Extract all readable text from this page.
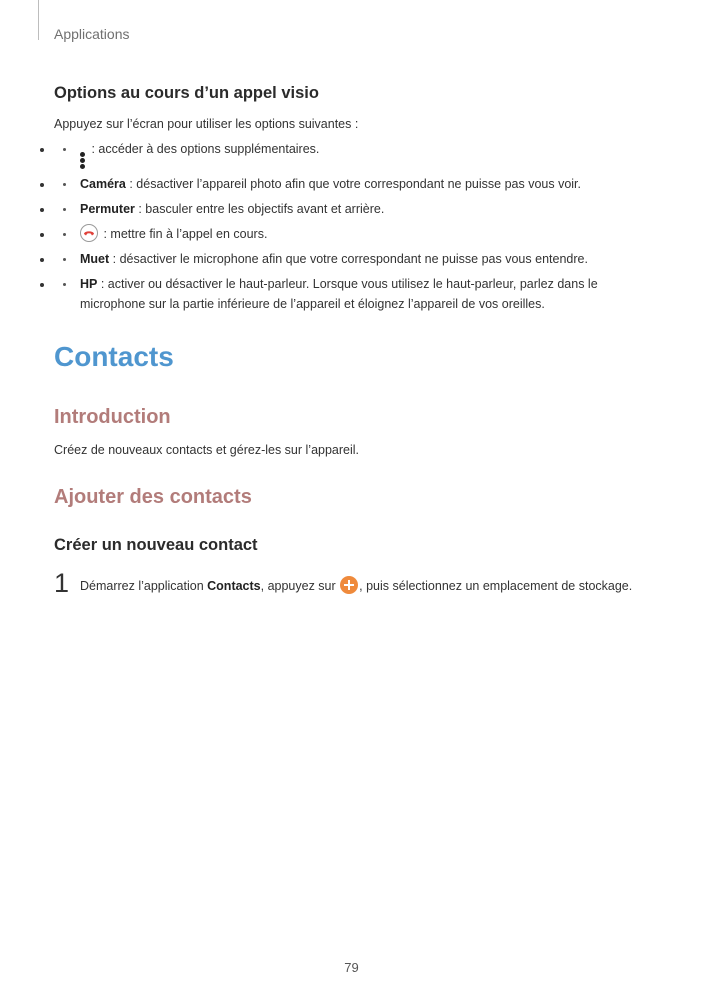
Applications
Options au cours d’un appel visio

Appuyez sur l’écran pour utiliser les options suivantes :

• : accéder à des options supplémentaires.
• Caméra : désactiver l’appareil photo afin que votre correspondant ne puisse pas vous voir.
• Permuter : basculer entre les objectifs avant et arrière.
• : mettre fin à l’appel en cours.
• Muet : désactiver le microphone afin que votre correspondant ne puisse pas vous entendre.
• HP : activer ou désactiver le haut-parleur. Lorsque vous utilisez le haut-parleur, parlez dans le microphone sur la partie inférieure de l’appareil et éloignez l’appareil de vos oreilles.
Contacts
Introduction

Créez de nouveaux contacts et gérez-les sur l’appareil.

Ajouter des contacts
Créer un nouveau contact
1 Démarrez l’application Contacts, appuyez sur , puis sélectionnez un emplacement de stockage.

79
